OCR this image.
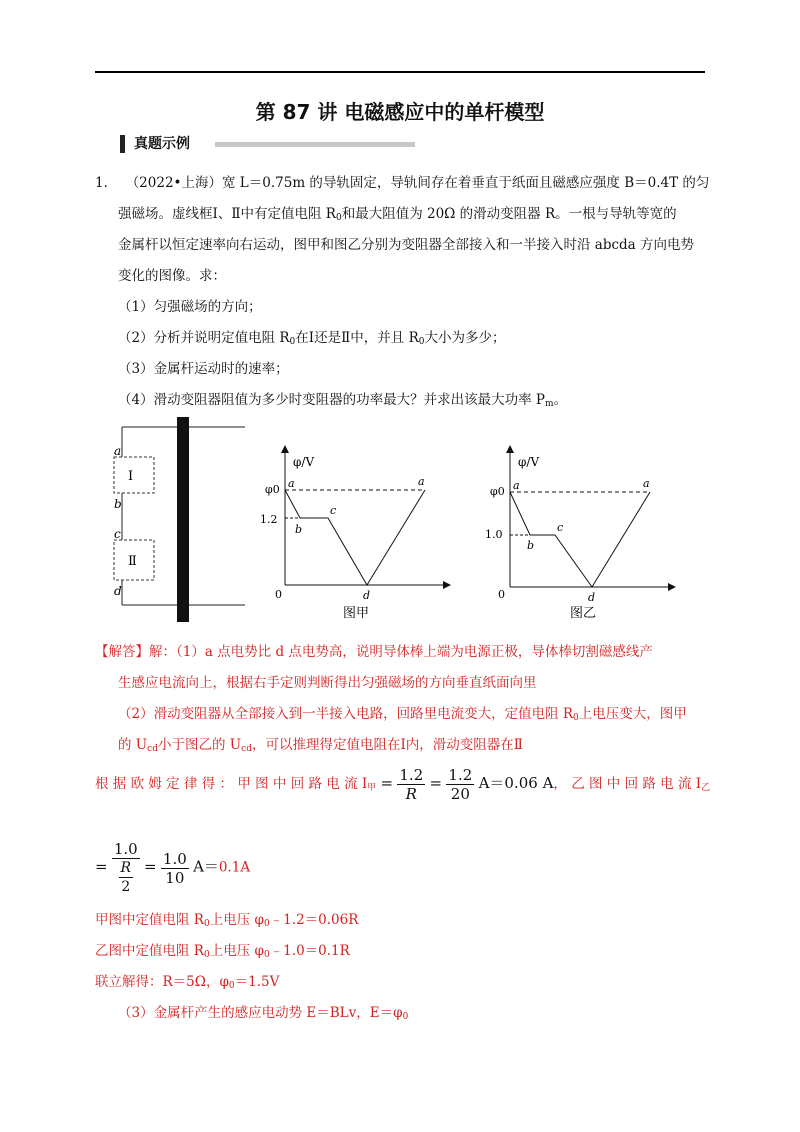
第 87 讲 电磁感应中的单杆模型
真题示例
1． （2022•上海）宽 L＝0.75m 的导轨固定，导轨间存在着垂直于纸面且磁感应强度 B＝0.4T 的匀
强磁场。虚线框Ⅰ、Ⅱ中有定值电阻 $R_0$和最大阻值为 20Ω 的滑动变阻器 R。一根与导轨等宽的
金属杆以恒定速率向右运动，图甲和图乙分别为变阻器全部接入和一半接入时沿 abcda 方向电势
变化的图像。求：
（1）匀强磁场的方向；
（2）分析并说明定值电阻 $R_0$在Ⅰ还是Ⅱ中，并且 $R_0$大小为多少；
（3）金属杆运动时的速率；
（4）滑动变阻器阻值为多少时变阻器的功率最大？并求出该最大功率 $P_m$。
Ⅰ
Ⅱ
a
b
c
d
φ/V
φ0
1.2
0
a
b
c
d
a
图甲
φ/V
φ0
1.0
0
a
b
c
d
a
图乙
【解答】解：（1）a 点电势比 d 点电势高，说明导体棒上端为电源正极，导体棒切割磁感线产
生感应电流向上，根据右手定则判断得出匀强磁场的方向垂直纸面向里
（2）滑动变阻器从全部接入到一半接入电路，回路里电流变大，定值电阻 $R_0$上电压变大，图甲
的 $U_{cd}$小于图乙的 $U_{cd}$，可以推理得定值电阻在Ⅰ内，滑动变阻器在Ⅱ
根 据 欧 姆 定 律 得 ： 甲 图 中 回 路 电 流 $I_甲 = \frac{1.2}{R} = \frac{1.2}{20} A=0.06$ A， 乙 图 中 回 路 电 流 $I_乙$
= $\frac{1.0}{\frac{R}{2}} = \frac{1.0}{10} A=0.1A$
甲图中定值电阻 $R_0$上电压 $\varphi_0﹣1.2=0.06R$
乙图中定值电阻 $R_0$上电压 $\varphi_0﹣1.0=0.1R$
联立解得：R＝5Ω，$\varphi_0=1.5V$
（3）金属杆产生的感应电动势 E＝BLv，$E=\varphi_0$
